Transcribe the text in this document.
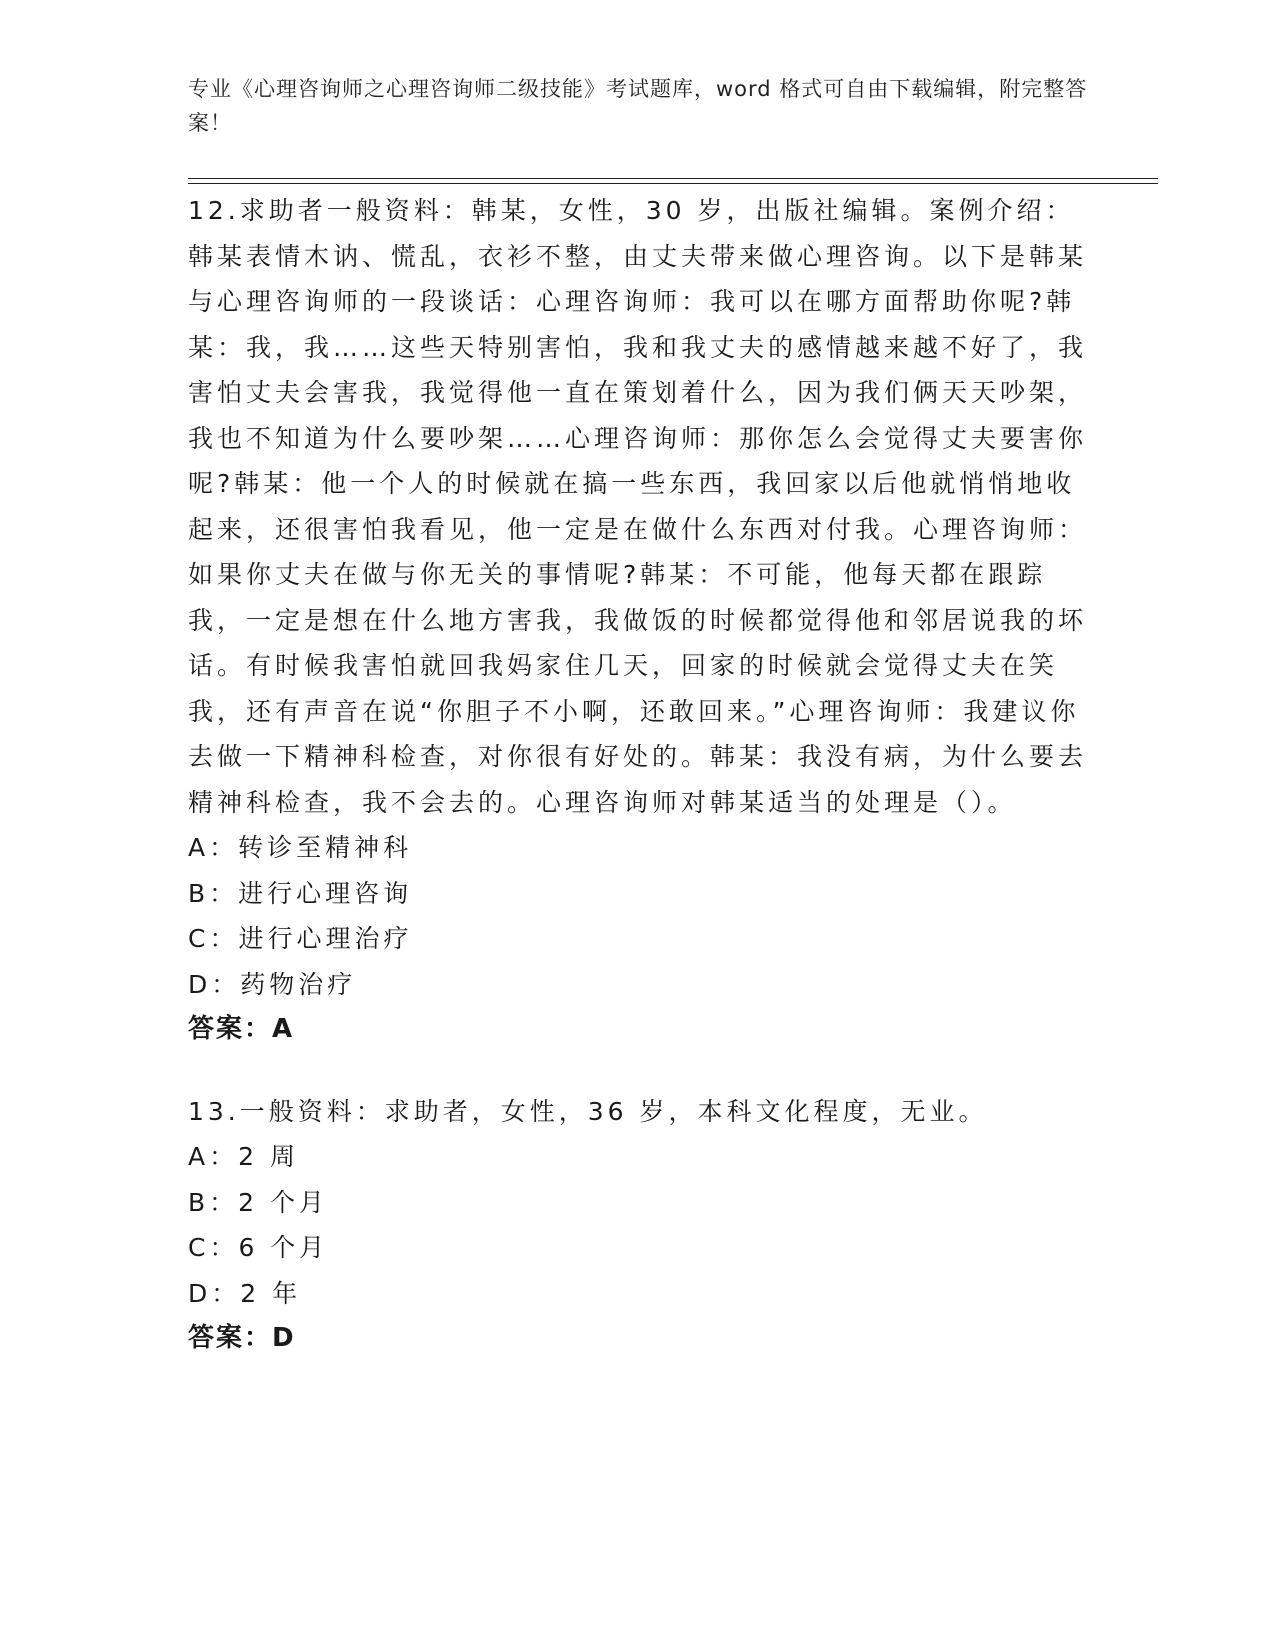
专业《心理咨询师之心理咨询师二级技能》考试题库，word 格式可自由下载编辑，附完整答案！

12.求助者一般资料：韩某，女性，30 岁，出版社编辑。案例介绍：韩某表情木讷、慌乱，衣衫不整，由丈夫带来做心理咨询。以下是韩某与心理咨询师的一段谈话：心理咨询师：我可以在哪方面帮助你呢?韩某：我，我……这些天特别害怕，我和我丈夫的感情越来越不好了，我害怕丈夫会害我，我觉得他一直在策划着什么，因为我们俩天天吵架，我也不知道为什么要吵架……心理咨询师：那你怎么会觉得丈夫要害你呢?韩某：他一个人的时候就在搞一些东西，我回家以后他就悄悄地收起来，还很害怕我看见，他一定是在做什么东西对付我。心理咨询师：如果你丈夫在做与你无关的事情呢?韩某：不可能，他每天都在跟踪我，一定是想在什么地方害我，我做饭的时候都觉得他和邻居说我的坏话。有时候我害怕就回我妈家住几天，回家的时候就会觉得丈夫在笑我，还有声音在说“你胆子不小啊，还敢回来。”心理咨询师：我建议你去做一下精神科检查，对你很有好处的。韩某：我没有病，为什么要去精神科检查，我不会去的。心理咨询师对韩某适当的处理是（）。

A：转诊至精神科

B：进行心理咨询

C：进行心理治疗

D：药物治疗

答案：A

13.一般资料：求助者，女性，36 岁，本科文化程度，无业。

A：2 周

B：2 个月

C：6 个月

D：2 年

答案：D
